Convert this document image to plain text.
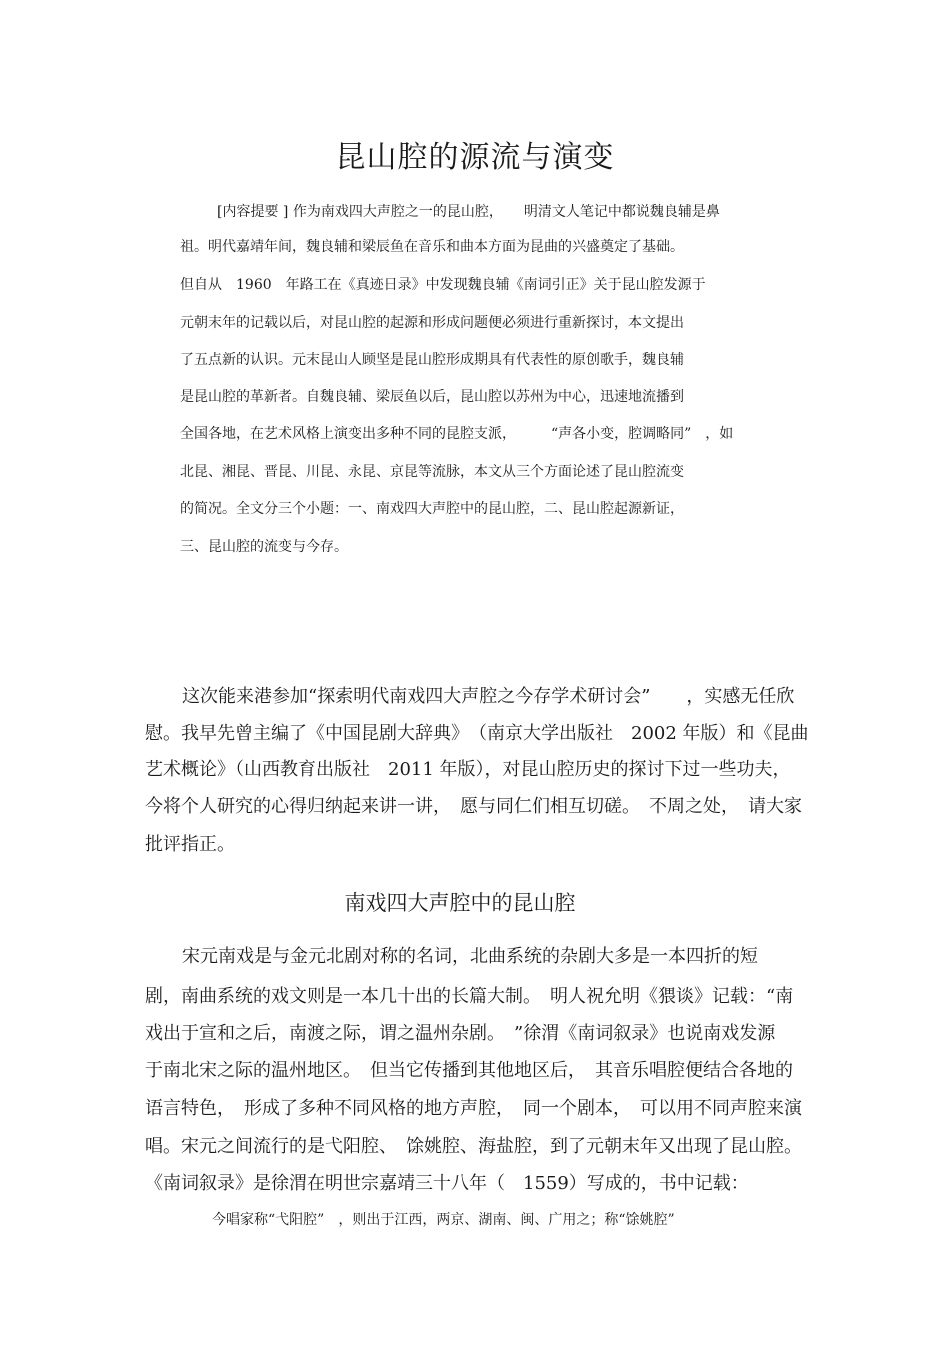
昆山腔的源流与演变

[内容提要 ] 作为南戏四大声腔之一的昆山腔，　　明清文人笔记中都说魏良辅是鼻

祖。明代嘉靖年间，魏良辅和梁辰鱼在音乐和曲本方面为昆曲的兴盛奠定了基础。

但自从　1960　年路工在《真迹日录》中发现魏良辅《南词引正》关于昆山腔发源于

元朝末年的记载以后，对昆山腔的起源和形成问题便必须进行重新探讨，本文提出

了五点新的认识。元末昆山人顾坚是昆山腔形成期具有代表性的原创歌手，魏良辅

是昆山腔的革新者。自魏良辅、梁辰鱼以后，昆山腔以苏州为中心，迅速地流播到

全国各地，在艺术风格上演变出多种不同的昆腔支派，　　　“声各小变，腔调略同”　，如

北昆、湘昆、晋昆、川昆、永昆、京昆等流脉，本文从三个方面论述了昆山腔流变

的简况。全文分三个小题：一、南戏四大声腔中的昆山腔，二、昆山腔起源新证，

三、昆山腔的流变与今存。

这次能来港参加“探索明代南戏四大声腔之今存学术研讨会”　　，实感无任欣

慰。我早先曾主编了《中国昆剧大辞典》　（南京大学出版社　2002 年版）和《昆曲

艺术概论》（山西教育出版社　2011 年版），对昆山腔历史的探讨下过一些功夫，

今将个人研究的心得归纳起来讲一讲，　愿与同仁们相互切磋。　不周之处，　请大家

批评指正。

南戏四大声腔中的昆山腔

宋元南戏是与金元北剧对称的名词，北曲系统的杂剧大多是一本四折的短

剧，南曲系统的戏文则是一本几十出的长篇大制。　明人祝允明《猥谈》记载：“南

戏出于宣和之后，南渡之际，谓之温州杂剧。　”徐渭《南词叙录》也说南戏发源

于南北宋之际的温州地区。　但当它传播到其他地区后，　其音乐唱腔便结合各地的

语言特色，　形成了多种不同风格的地方声腔，　同一个剧本，　可以用不同声腔来演

唱。宋元之间流行的是弋阳腔、　馀姚腔、海盐腔，到了元朝末年又出现了昆山腔。

《南词叙录》是徐渭在明世宗嘉靖三十八年（　1559）写成的，书中记载：

今唱家称“弋阳腔”　，则出于江西，两京、湖南、闽、广用之；称“馀姚腔”
